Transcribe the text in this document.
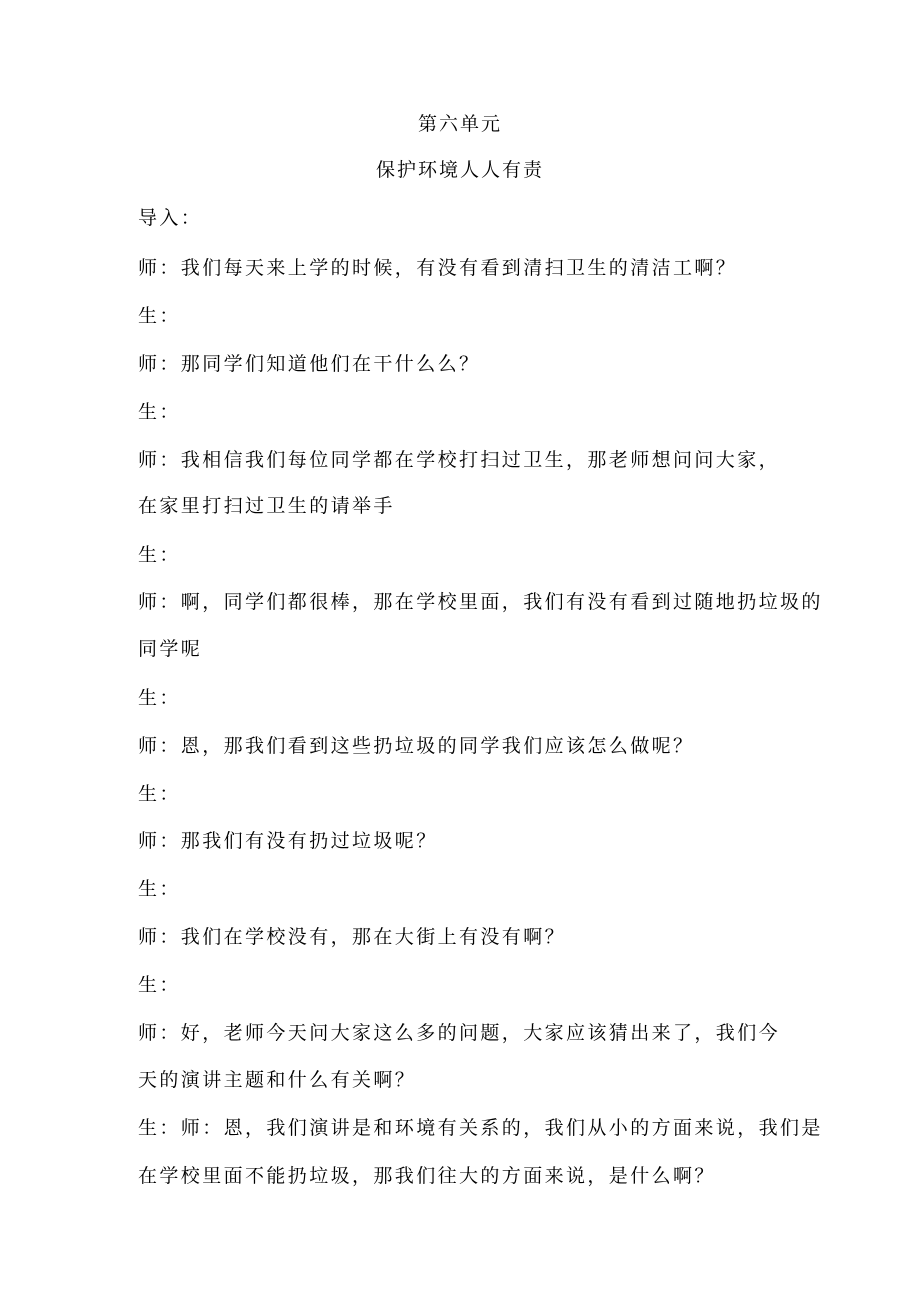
第六单元
保护环境人人有责
导入：
师：我们每天来上学的时候，有没有看到清扫卫生的清洁工啊？
生：
师：那同学们知道他们在干什么么？
生：
师：我相信我们每位同学都在学校打扫过卫生，那老师想问问大家，
在家里打扫过卫生的请举手
生：
师：啊，同学们都很棒，那在学校里面，我们有没有看到过随地扔垃圾的
同学呢
生：
师：恩，那我们看到这些扔垃圾的同学我们应该怎么做呢？
生：
师：那我们有没有扔过垃圾呢？
生：
师：我们在学校没有，那在大街上有没有啊？
生：
师：好，老师今天问大家这么多的问题，大家应该猜出来了，我们今
天的演讲主题和什么有关啊？
生：师：恩，我们演讲是和环境有关系的，我们从小的方面来说，我们是
在学校里面不能扔垃圾，那我们往大的方面来说，是什么啊？
